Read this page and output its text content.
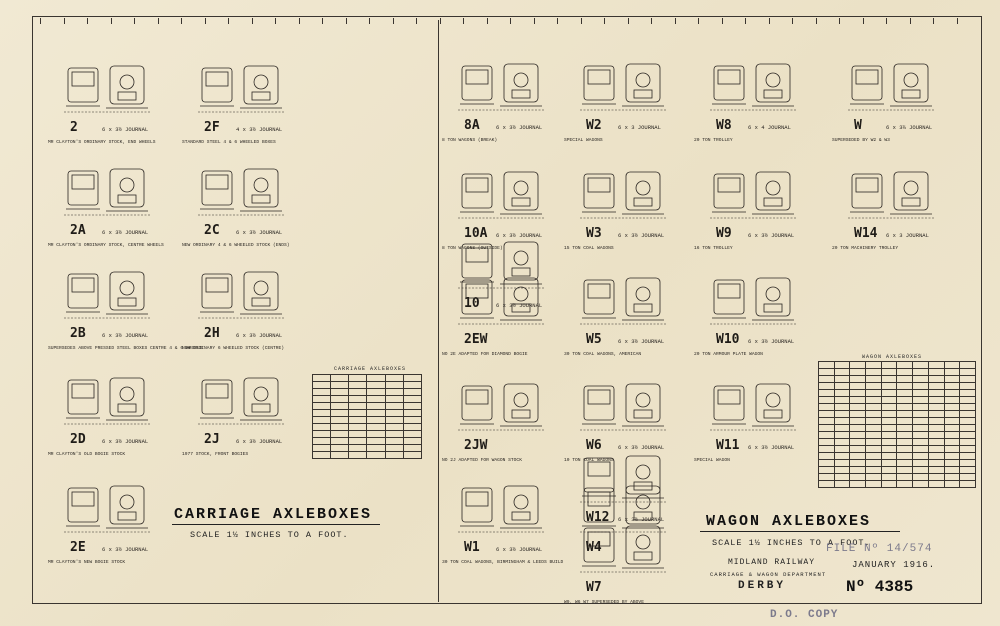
2	6 x 3½ JOURNAL
MR CLAYTON'S ORDINARY STOCK, END WHEELS
2F	4 x 3½ JOURNAL
STANDARD STEEL 4 & 6 WHEELED BOXES
2A	6 x 3½ JOURNAL
MR CLAYTON'S ORDINARY STOCK, CENTRE WHEELS
2C	6 x 3½ JOURNAL
NEW ORDINARY 4 & 6 WHEELED STOCK (ENDS)
2B	6 x 3½ JOURNAL
SUPERSEDES ABOVE PRESSED STEEL BOXES CENTRE 4 & 6 WHEELS
2H	6 x 3½ JOURNAL
NEW ORDINARY 6 WHEELED STOCK (CENTRE)
2D	6 x 3½ JOURNAL
MR CLAYTON'S OLD BOGIE STOCK
2J	6 x 3½ JOURNAL
1977 STOCK, FRONT BOGIES
2E	6 x 3½ JOURNAL
MR CLAYTON'S NEW BOGIE STOCK
CARRIAGE AXLEBOXES

CARRIAGE AXLEBOXES
SCALE 1½ INCHES TO A FOOT.
8A	6 x 3½ JOURNAL
8 TON WAGONS (BREAK)
W2	6 x 3 JOURNAL
SPECIAL WAGONS
W8	6 x 4 JOURNAL
20 TON TROLLEY
W	6 x 3¼ JOURNAL
SUPERSEDED BY W2 & W3
10A 6 x 3½ JOURNAL
8 TON WAGONS (OUTSIDE)
10	6 x 3½ JOURNAL
W3	6 x 3½ JOURNAL
15 TON COAL WAGONS
W9	6 x 3½ JOURNAL
16 TON TROLLEY
W14 6 x 3 JOURNAL
20 TON MACHINERY TROLLEY
2EW
NO 2E ADAPTED FOR DIAMOND BOGIE
W5	6 x 3½ JOURNAL
30 TON COAL WAGONS, AMERICAN
W10 6 x 3½ JOURNAL
20 TON ARMOUR PLATE WAGON
2JW
NO 2J ADAPTED FOR WAGON STOCK
W6	6 x 3½ JOURNAL
10 TON COAL WAGONS
W12 6 x 3½ JOURNAL
W11 6 x 3½ JOURNAL
SPECIAL WAGON
W1	6 x 3½ JOURNAL
30 TON COAL WAGONS, BIRMINGHAM & LEEDS BUILD
W4
W7
W9, W6 W7 SUPERSEDED BY ABOVE
WAGON AXLEBOXES

WAGON AXLEBOXES
SCALE 1½ INCHES TO A FOOT.
MIDLAND RAILWAY
CARRIAGE & WAGON DEPARTMENT
DERBY	Nº 4385
JANUARY 1916.
FILE Nº 14/574
D.O. COPY
